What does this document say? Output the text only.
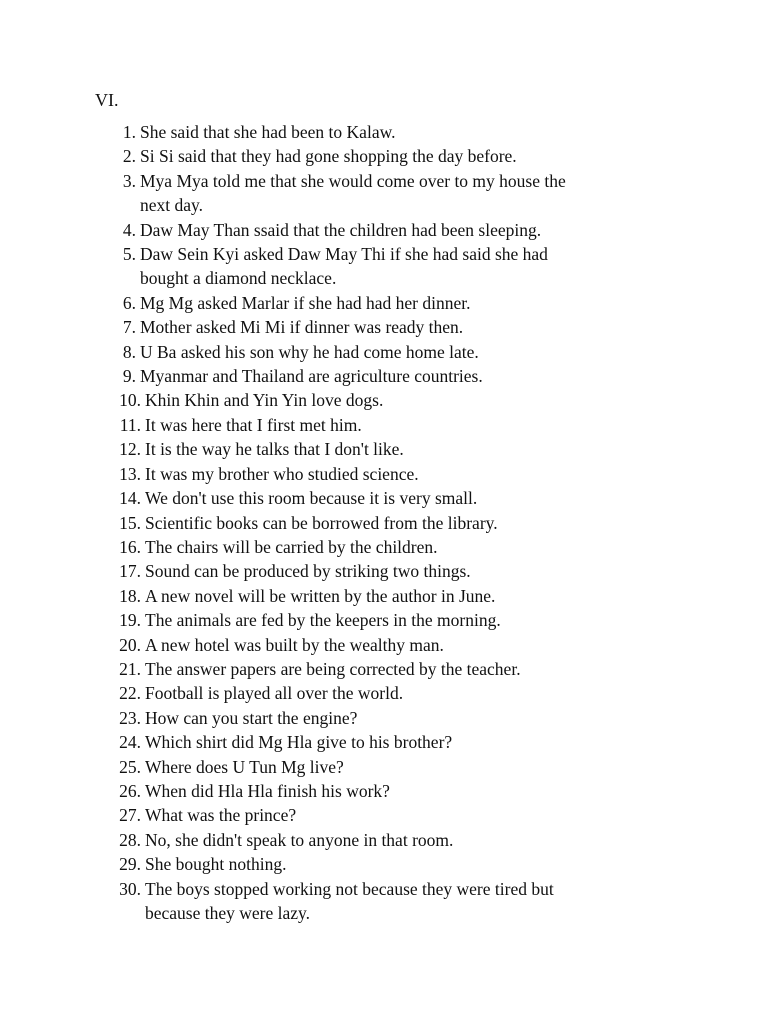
VI.
1. She said that she had been to Kalaw.
2. Si Si said that they had gone shopping the day before.
3. Mya Mya told me that she would come over to my house the
next day.
4. Daw May Than ssaid that the children had been sleeping.
5. Daw Sein Kyi asked Daw May Thi if she had said she had
bought a diamond necklace.
6. Mg Mg asked Marlar if she had had her dinner.
7. Mother asked Mi Mi if dinner was ready then.
8. U Ba asked his son why he had come home late.
9. Myanmar and Thailand are agriculture countries.
10. Khin Khin and Yin Yin love dogs.
11. It was here that I first met him.
12. It is the way he talks that I don't like.
13. It was my brother who studied science.
14. We don't use this room because it is very small.
15. Scientific books can be borrowed from the library.
16. The chairs will be carried by the children.
17. Sound can be produced by striking two things.
18. A new novel will be written by the author in June.
19. The animals are fed by the keepers in the morning.
20. A new hotel was built by the wealthy man.
21. The answer papers are being corrected by the teacher.
22. Football is played all over the world.
23. How can you start the engine?
24. Which shirt did Mg Hla give to his brother?
25. Where does U Tun Mg live?
26. When did Hla Hla finish his work?
27. What was the prince?
28. No, she didn't speak to anyone in that room.
29. She bought nothing.
30. The boys stopped working not because they were tired but
because they were lazy.
